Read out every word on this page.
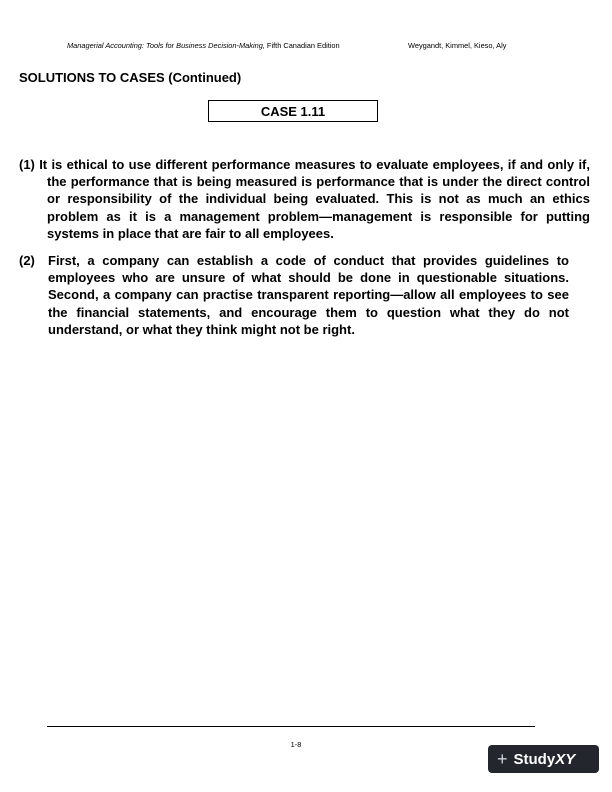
Managerial Accounting: Tools for Business Decision-Making, Fifth Canadian Edition	Weygandt, Kimmel, Kieso, Aly
SOLUTIONS TO CASES (Continued)
CASE 1.11
(1) It is ethical to use different performance measures to evaluate employees, if and only if, the performance that is being measured is performance that is under the direct control or responsibility of the individual being evaluated. This is not as much an ethics problem as it is a management problem—management is responsible for putting systems in place that are fair to all employees.
(2) First, a company can establish a code of conduct that provides guidelines to employees who are unsure of what should be done in questionable situations. Second, a company can practise transparent reporting—allow all employees to see the financial statements, and encourage them to question what they do not understand, or what they think might not be right.
1-8
+ Study XY
